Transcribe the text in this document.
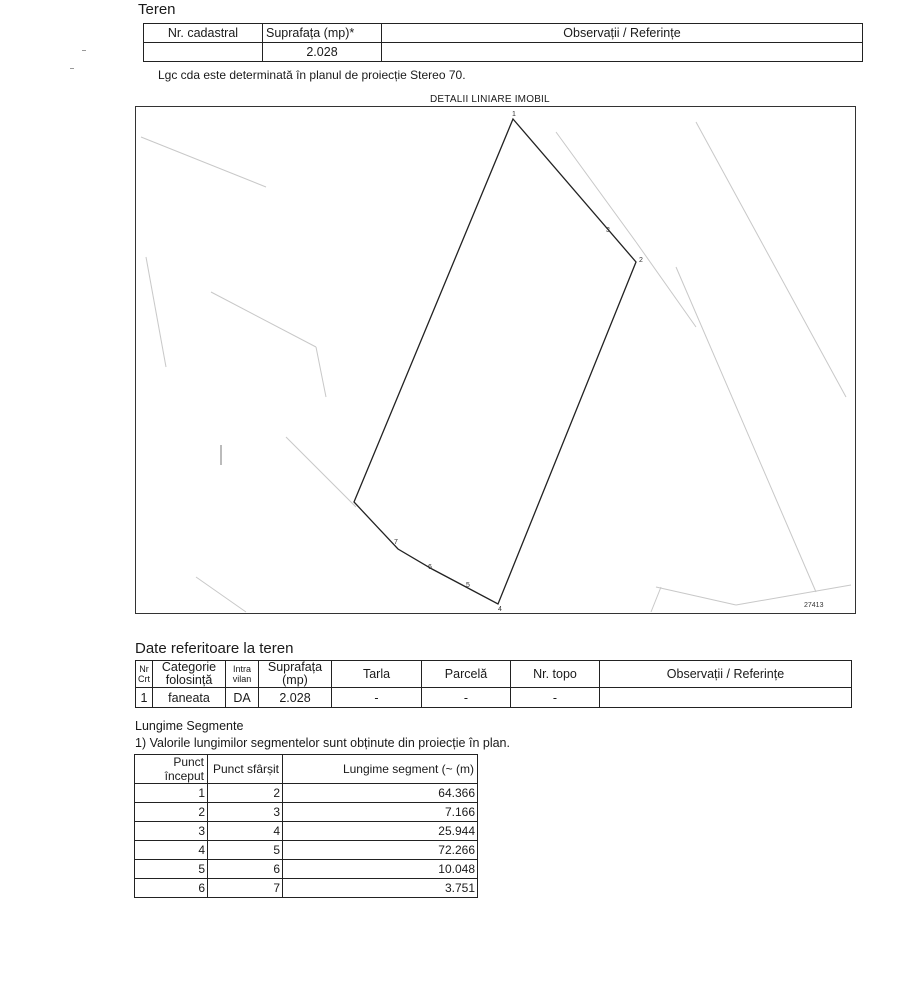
Teren
Nr. cadastral	Suprafața (mp)*	Observații / Referințe
	2.028	
Lgc cda este determinată în planul de proiecție Stereo 70.
DETALII LINIARE IMOBIL
1
2
3
4
5
6
7
27413
Date referitoare la teren
Nr Crt	Categorie folosință	Intra vilan	Suprafața (mp)	Tarla	Parcelă	Nr. topo	Observații / Referințe
1	faneata	DA	2.028	-	-	-	
Lungime Segmente
1) Valorile lungimilor segmentelor sunt obținute din proiecție în plan.
Punct început	Punct sfârșit	Lungime segment (~ (m)
1	2	64.366
2	3	7.166
3	4	25.944
4	5	72.266
5	6	10.048
6	7	3.751
